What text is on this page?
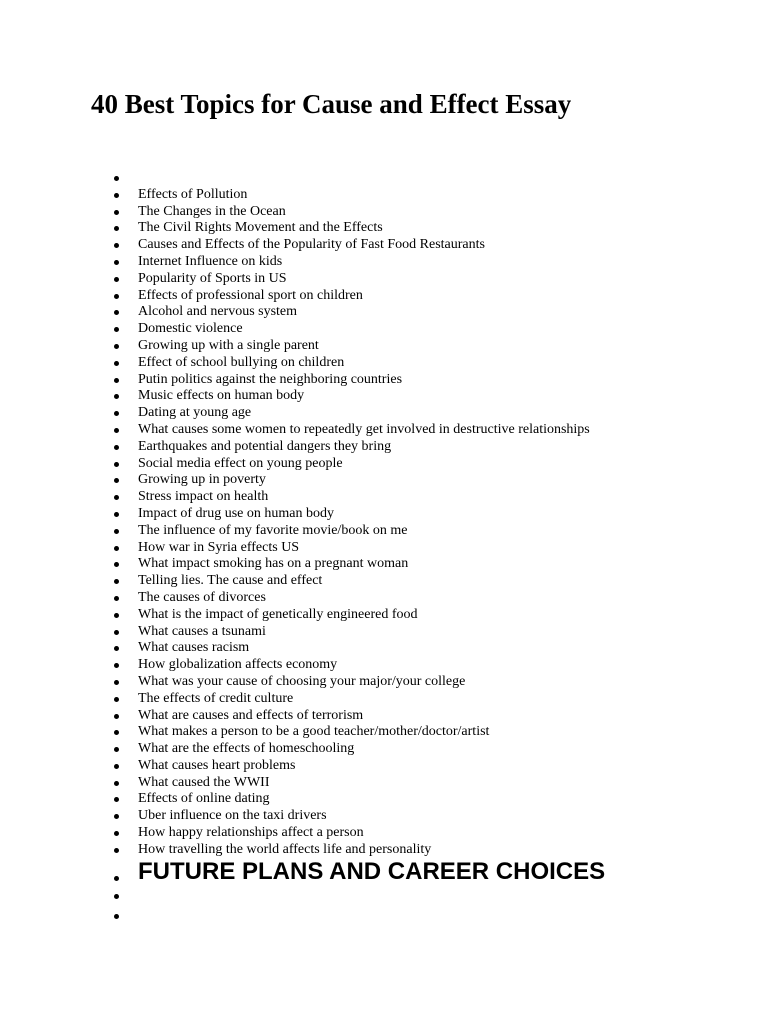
40 Best Topics for Cause and Effect Essay
Effects of Pollution
The Changes in the Ocean
The Civil Rights Movement and the Effects
Causes and Effects of the Popularity of Fast Food Restaurants
Internet Influence on kids
Popularity of Sports in US
Effects of professional sport on children
Alcohol and nervous system
Domestic violence
Growing up with a single parent
Effect of school bullying on children
Putin politics against the neighboring countries
Music effects on human body
Dating at young age
What causes some women to repeatedly get involved in destructive relationships
Earthquakes and potential dangers they bring
Social media effect on young people
Growing up in poverty
Stress impact on health
Impact of drug use on human body
The influence of my favorite movie/book on me
How war in Syria effects US
What impact smoking has on a pregnant woman
Telling lies. The cause and effect
The causes of divorces
What is the impact of genetically engineered food
What causes a tsunami
What causes racism
How globalization affects economy
What was your cause of choosing your major/your college
The effects of credit culture
What are causes and effects of terrorism
What makes a person to be a good teacher/mother/doctor/artist
What are the effects of homeschooling
What causes heart problems
What caused the WWII
Effects of online dating
Uber influence on the taxi drivers
How happy relationships affect a person
How travelling the world affects life and personality
FUTURE PLANS AND CAREER CHOICES
